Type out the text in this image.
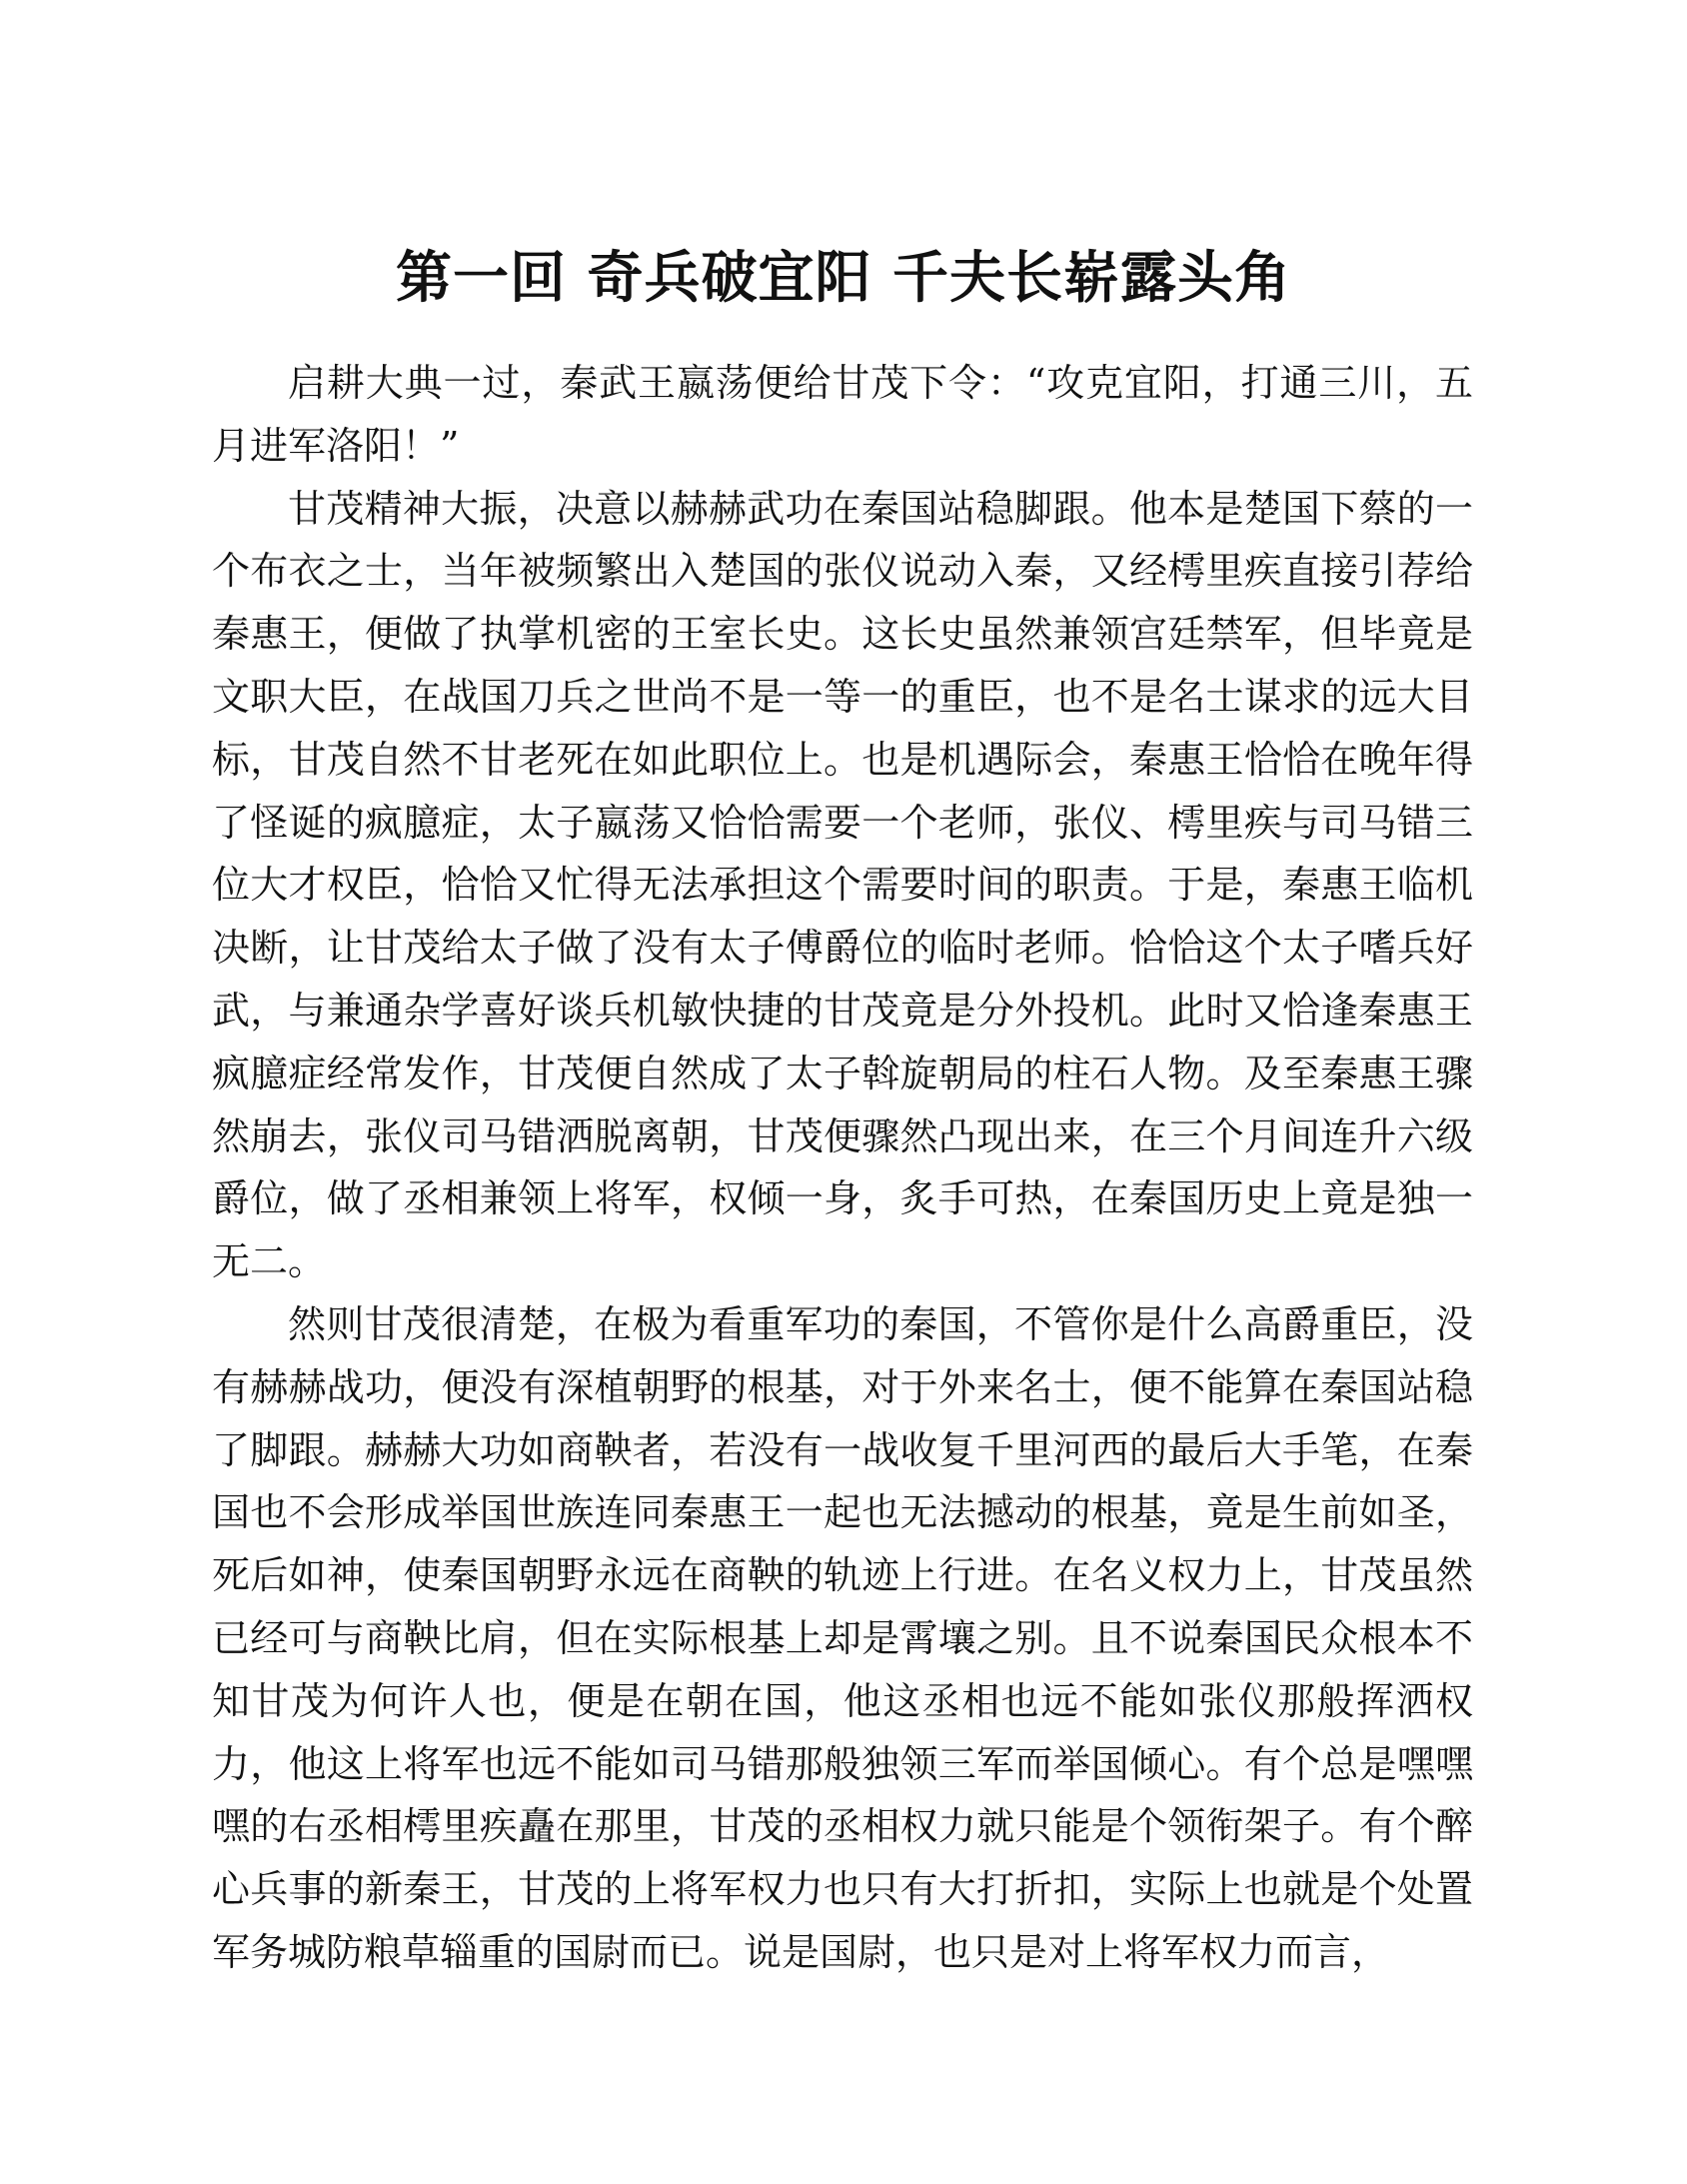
第一回 奇兵破宜阳 千夫长崭露头角

启耕大典一过，秦武王嬴荡便给甘茂下令：“攻克宜阳，打通三川，五月进军洛阳！”

甘茂精神大振，决意以赫赫武功在秦国站稳脚跟。他本是楚国下蔡的一个布衣之士，当年被频繁出入楚国的张仪说动入秦，又经樗里疾直接引荐给秦惠王，便做了执掌机密的王室长史。这长史虽然兼领宫廷禁军，但毕竟是文职大臣，在战国刀兵之世尚不是一等一的重臣，也不是名士谋求的远大目标，甘茂自然不甘老死在如此职位上。也是机遇际会，秦惠王恰恰在晚年得了怪诞的疯臆症，太子嬴荡又恰恰需要一个老师，张仪、樗里疾与司马错三位大才权臣，恰恰又忙得无法承担这个需要时间的职责。于是，秦惠王临机决断，让甘茂给太子做了没有太子傅爵位的临时老师。恰恰这个太子嗜兵好武，与兼通杂学喜好谈兵机敏快捷的甘茂竟是分外投机。此时又恰逢秦惠王疯臆症经常发作，甘茂便自然成了太子斡旋朝局的柱石人物。及至秦惠王骤然崩去，张仪司马错洒脱离朝，甘茂便骤然凸现出来，在三个月间连升六级爵位，做了丞相兼领上将军，权倾一身，炙手可热，在秦国历史上竟是独一无二。

然则甘茂很清楚，在极为看重军功的秦国，不管你是什么高爵重臣，没有赫赫战功，便没有深植朝野的根基，对于外来名士，便不能算在秦国站稳了脚跟。赫赫大功如商鞅者，若没有一战收复千里河西的最后大手笔，在秦国也不会形成举国世族连同秦惠王一起也无法撼动的根基，竟是生前如圣，死后如神，使秦国朝野永远在商鞅的轨迹上行进。在名义权力上，甘茂虽然已经可与商鞅比肩，但在实际根基上却是霄壤之别。且不说秦国民众根本不知甘茂为何许人也，便是在朝在国，他这丞相也远不能如张仪那般挥洒权力，他这上将军也远不能如司马错那般独领三军而举国倾心。有个总是嘿嘿嘿的右丞相樗里疾矗在那里，甘茂的丞相权力就只能是个领衔架子。有个醉心兵事的新秦王，甘茂的上将军权力也只有大打折扣，实际上也就是个处置军务城防粮草辎重的国尉而已。说是国尉，也只是对上将军权力而言，
